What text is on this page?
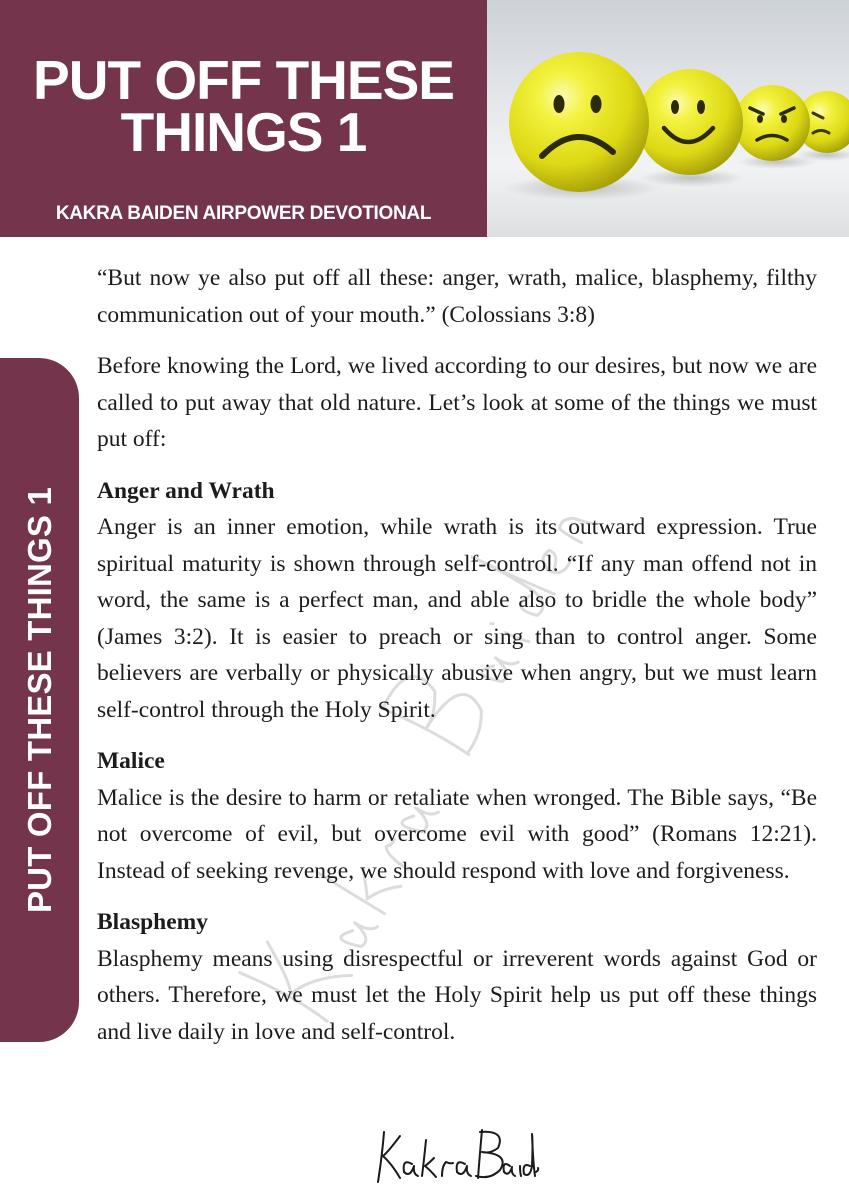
PUT OFF THESE
THINGS 1
KAKRA BAIDEN AIRPOWER DEVOTIONAL
PUT OFF THESE THINGS 1

“But now ye also put off all these: anger, wrath, malice, blasphemy, filthy communication out of your mouth.” (Colossians 3:8)

Before knowing the Lord, we lived according to our desires, but now we are called to put away that old nature. Let’s look at some of the things we must put off:

Anger and Wrath

Anger is an inner emotion, while wrath is its outward expression. True spiritual maturity is shown through self-control. “If any man offend not in word, the same is a perfect man, and able also to bridle the whole body” (James 3:2). It is easier to preach or sing than to control anger. Some believers are verbally or physically abusive when angry, but we must learn self-control through the Holy Spirit.

Malice

Malice is the desire to harm or retaliate when wronged. The Bible says, “Be not overcome of evil, but overcome evil with good” (Romans 12:21). Instead of seeking revenge, we should respond with love and forgiveness.

Blasphemy

Blasphemy means using disrespectful or irreverent words against God or others. Therefore, we must let the Holy Spirit help us put off these things and live daily in love and self-control.
